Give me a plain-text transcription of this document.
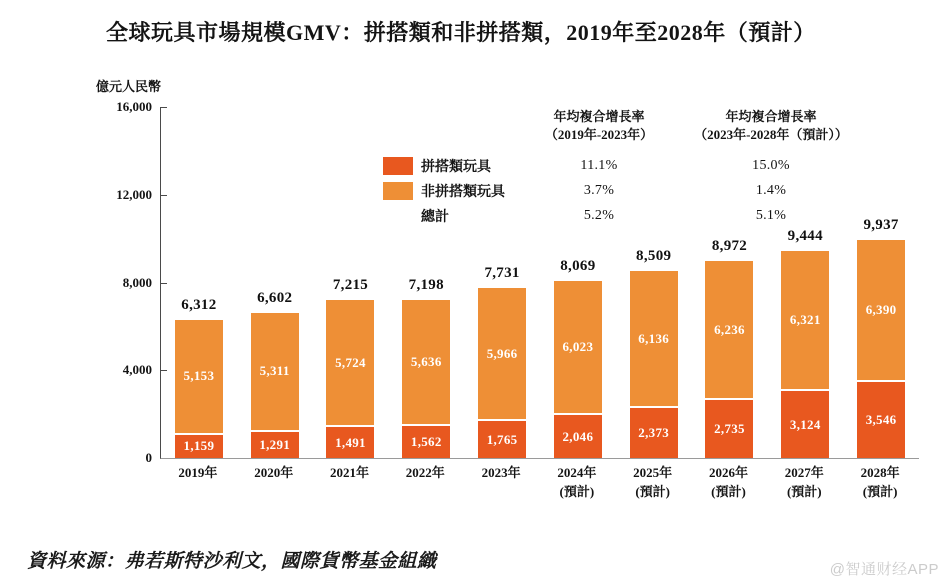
全球玩具市場規模GMV：拼搭類和非拼搭類，2019年至2028年（預計）
億元人民幣
16,000
12,000
8,000
4,000
0
6,312
5,153
1,159
6,602
5,311
1,291
7,215
5,724
1,491
7,198
5,636
1,562
7,731
5,966
1,765
8,069
6,023
2,046
8,509
6,136
2,373
8,972
6,236
2,735
9,444
6,321
3,124
9,937
6,390
3,546
2019年	2020年	2021年	2022年	2023年	2024年
(預計)
2025年
(預計)
2026年
(預計)
2027年
(預計)
2028年
(預計)
年均複合增長率
（2019年-2023年）
年均複合增長率
（2023年-2028年（預計））
拼搭類玩具	11.1%	15.0%
非拼搭類玩具	3.7%	1.4%
總計	5.2%	5.1%
資料來源：弗若斯特沙利文，國際貨幣基金組織	@智通财经APP
